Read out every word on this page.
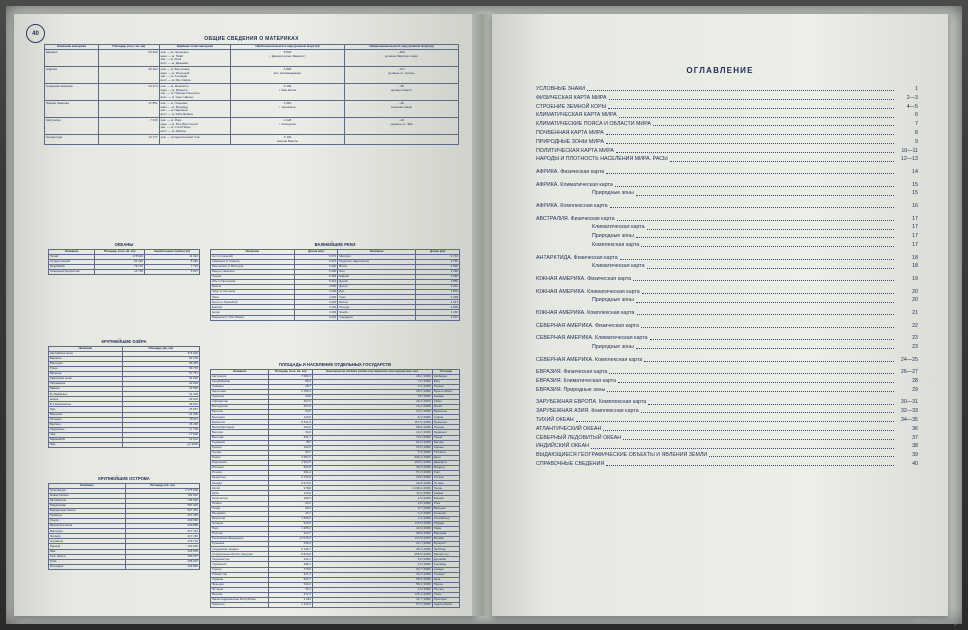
40
ОБЩИЕ СВЕДЕНИЯ О МАТЕРИКАХ
Название материка	Площадь (тыс. кв. км)	Крайние точки материка	Наибольшая высота над уровнем моря (м)	Наименьшая высота над уровнем моря (м)
Евразия	54 900	сев. — м. Челюскин
южн. — м. Пиай
зап. — м. Рока
вост. — м. Дежнёва	8 848
г. Джомолунгма (Эверест)	–405
уровень Мёртвого моря
Африка	30 264	сев. — м. Бен-Секка
южн. — м. Игольный
зап. — м. Альмади
вост. — м. Рас-Хафун	5 895
влк. Килиманджаро	–137
уровень оз. Ассаль
Северная Америка	24 374	сев. — м. Мерчисон
южн. — м. Марьято
зап. — м. Принца Уэльского
вост. — м. Сент-Чарльз	6 194
г. Мак-Кинли	–86
долина Смерти
Южная Америка	17 851	сев. — м. Гальинас
южн. — м. Фроуард
зап. — м. Париньяс
вост. — м. Кабу-Бранку	6 960
г. Аконкагуа	–42
Салинас-Чикас
Австралия	7 615	сев. — м. Йорк
южн. — м. Юго-Восточный
зап. — м. Стип-Пойнт
вост. — м. Байрон	2 228
г. Косцюшко	–16
уровень оз. Эйр
Антарктида	13 177	сев. — Антарктический п-ов	5 140
массив Винсон	
ОКЕАНЫ
Название	Площадь (тыс. кв. км)	Наибольшая глубина (м)
Тихий	178 620	11 022
Атлантический	91 330	8 440
Индийский	76 170	7 729
Северный Ледовитый	14 750	5 527
ВАЖНЕЙШИЕ РЕКИ
Название	Длина (км)	Название	Длина (км)
Нил (с Кагерой)	6 671	Миссури	4 740
Амазонка (с Укаяли)	6 437	Муррей (с Дарлингом)	3 750
Миссисипи (с Миссури)	6 420	Волга	3 530
Янцзы (Чанцзян)	6 300	Инд	3 180
Хуанхэ	5 464	Евфрат	3 065
Обь (с Иртышом)	5 410	Дунай	2 850
Меконг	4 500	Днепр	2 201
Амур (с Аргунью)	4 440	Дон	1 870
Лена	4 400	Урал	2 428
Конго (с Луалабой)	4 320	Висла	1 047
Енисей	4 102	Печора	1 809
Нигер	4 160	Эльба	1 165
Маккензи (с Пис-Ривер)	4 241	Сырдарья	2 212
КРУПНЕЙШИЕ ОЗЁРА
Название	Площадь (кв. км)
Каспийское море	374 000
Верхнее	82 103
Виктория	69 483
Гурон	59 700
Мичиган	57 757
Аральское море	51 640
Танганьика	32 900
Байкал	31 500
Б. Медвежье	31 328
Ньяса	29 604
Б. Невольничье	28 570
Эри	25 667
Виннипег	24 390
Онтарио	19 011
Балхаш	18 430
Ладожское	17 700
Чад	17 800
Маракайбо	13 512
Эйр	до 9300
КРУПНЕЙШИЕ ОСТРОВА
Название	Площадь (кв. км)
Гренландия	2 175 600
Новая Гвинея	792 540
Калимантан	734 000
Мадагаскар	587 000
Баффинова Земля	507 451
Суматра	427 350
Хонсю	230 500
Великобритания	229 885
Виктория	217 415
Элсмир	217 290
Сулавеси	179 710
Южный	150 650
Ява	126 500
Сев. Земля	105 007
Куба	105 007
Исландия	102 800
ПЛОЩАДЬ И НАСЕЛЕНИЕ ОТДЕЛЬНЫХ ГОСУДАРСТВ
Название	Площадь (тыс. кв. км)	Население (в скобках указан год переписи или оценки) млн чел.	Столица
Австралия	7 682,3	18,2 (1996)	Канберра
Азербайджан	86,6	7,5 (1996)	Баку
Албания	28,7	3,3 (1996)	Тирана
Аргентина	2 780,4	35,0 (1996)	Буэнос-Айрес
Армения	29,8	3,8 (1996)	Ереван
Афганистан	207,6	18,2 (1997)	Кабул
Белоруссия	207,6	10,2 (1996)	Минск
Бельгия	30,5	10,2 (1996)	Брюссель
Болгария	110,9	8,4 (1996)	София
Бразилия	8 511,9	157,9 (1996)	Бразилиа
Великобритания	244,9	58,8 (1996)	Лондон
Венгрия	93,0	10,2 (1996)	Будапешт
Вьетнам	331,7	75,2 (1996)	Ханой
Германия	357	81,9 (1996)	Берлин
Греция	132,0	10,5 (1996)	Афины
Грузия	69,7	5,4 (1996)	Тбилиси
Индия	3 287,6	939,4 (1996)	Дели
Индонезия	1 904,5	200,6 (1996)	Джакарта
Испания	504,8	39,2 (1996)	Мадрид
Италия	301,2	57,2 (1996)	Рим
Казахстан	2 724,9	16,5 (1996)	Астана
Канада	9 970,6	29,8 (1996)	Оттава
Китай	9 598	1 238,4 (1996)	Пекин
Куба	110,9	11,0 (1996)	Гавана
Кыргызстан	198,5	4,6 (1996)	Бишкек
Латвия	64,6	2,5 (1996)	Рига
Литва	65,3	3,7 (1996)	Вильнюс
Молдавия	33,7	4,3 (1996)	Кишинёв
Монголия	1 566,5	2,4 (1996)	Улан-Батор
Нигерия	923,8	115,0 (1996)	Абуджа
Перу	1 285,2	23,9 (1996)	Лима
Польша	312,7	38,5 (1996)	Варшава
Российская Федерация	17 075,4	147,5 (1997)	Москва
Румыния	238,4	22,7 (1996)	Бухарест
Саудовская Аравия	2 149,7	18,4 (1996)	Эр-Рияд
Соединённые Штаты Америки	9 629,9	265,5 (1996)	Вашингтон
Таджикистан	143,1	5,9 (1996)	Душанбе
Туркмения	488,1	4,6 (1996)	Ашхабад
Турция	779,5	62,7 (1996)	Анкара
Узбекистан	447,4	23,2 (1996)	Ташкент
Украина	603,7	50,9 (1996)	Киев
Франция	549,2	58,4 (1996)	Париж
Эстония	45,1	1,5 (1996)	Таллин
Япония	372,2	125,4 (1996)	Токио
Южно-Африканская Республика	1 221	41,7 (1996)	Претория
Эфиопия	1 104,3	57,2 (1996)	Аддис-Абеба
ОГЛАВЛЕНИЕ
УСЛОВНЫЕ ЗНАКИ	1
ФИЗИЧЕСКАЯ КАРТА МИРА	2—3
СТРОЕНИЕ ЗЕМНОЙ КОРЫ	4—5
КЛИМАТИЧЕСКАЯ КАРТА МИРА	6
КЛИМАТИЧЕСКИЕ ПОЯСА И ОБЛАСТИ МИРА	7
ПОЧВЕННАЯ КАРТА МИРА	8
ПРИРОДНЫЕ ЗОНЫ МИРА	9
ПОЛИТИЧЕСКАЯ КАРТА МИРА	10—11
НАРОДЫ И ПЛОТНОСТЬ НАСЕЛЕНИЯ МИРА. РАСЫ	12—13
АФРИКА. Физическая карта	14
АФРИКА. Климатическая карта	15
Природные зоны	15
АФРИКА. Комплексная карта	16
АВСТРАЛИЯ. Физическая карта	17
Климатическая карта	17
Природные зоны	17
Комплексная карта	17
АНТАРКТИДА. Физическая карта	18
Климатическая карта	18
ЮЖНАЯ АМЕРИКА. Физическая карта	19
ЮЖНАЯ АМЕРИКА. Климатическая карта	20
Природные зоны	20
ЮЖНАЯ АМЕРИКА. Комплексная карта	21
СЕВЕРНАЯ АМЕРИКА. Физическая карта	22
СЕВЕРНАЯ АМЕРИКА. Климатическая карта	23
Природные зоны	23
СЕВЕРНАЯ АМЕРИКА. Комплексная карта	24—25
ЕВРАЗИЯ. Физическая карта	26—27
ЕВРАЗИЯ. Климатическая карта	28
ЕВРАЗИЯ. Природные зоны	29
ЗАРУБЕЖНАЯ ЕВРОПА. Комплексная карта	30—31
ЗАРУБЕЖНАЯ АЗИЯ. Комплексная карта	32—33
ТИХИЙ ОКЕАН	34—35
АТЛАНТИЧЕСКИЙ ОКЕАН	36
СЕВЕРНЫЙ ЛЕДОВИТЫЙ ОКЕАН	37
ИНДИЙСКИЙ ОКЕАН	38
ВЫДАЮЩИЕСЯ ГЕОГРАФИЧЕСКИЕ ОБЪЕКТЫ И ЯВЛЕНИЯ ЗЕМЛИ	39
СПРАВОЧНЫЕ СВЕДЕНИЯ	40
mm-auto.by
